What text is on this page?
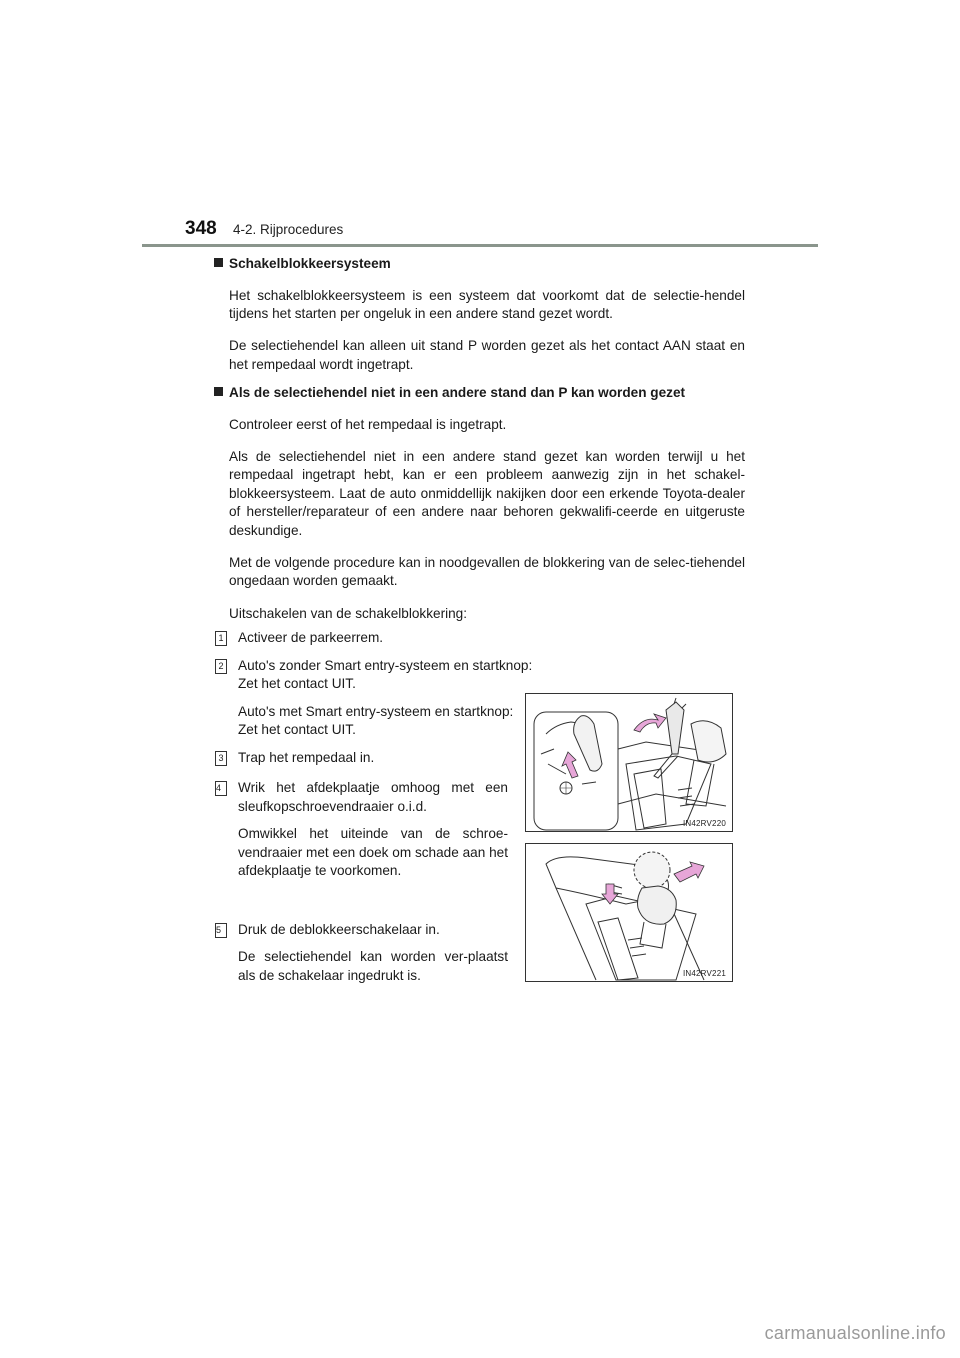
348 4-2. Rijprocedures
Schakelblokkeersysteem

Het schakelblokkeersysteem is een systeem dat voorkomt dat de selectie-hendel tijdens het starten per ongeluk in een andere stand gezet wordt.

De selectiehendel kan alleen uit stand P worden gezet als het contact AAN staat en het rempedaal wordt ingetrapt.

Als de selectiehendel niet in een andere stand dan P kan worden gezet

Controleer eerst of het rempedaal is ingetrapt.

Als de selectiehendel niet in een andere stand gezet kan worden terwijl u het rempedaal ingetrapt hebt, kan er een probleem aanwezig zijn in het schakel-blokkeersysteem. Laat de auto onmiddellijk nakijken door een erkende Toyota-dealer of hersteller/reparateur of een andere naar behoren gekwalifi-ceerde en uitgeruste deskundige.

Met de volgende procedure kan in noodgevallen de blokkering van de selec-tiehendel ongedaan worden gemaakt.

Uitschakelen van de schakelblokkering:

1 Activeer de parkeerrem.

2 Auto's zonder Smart entry-systeem en startknop:
Zet het contact UIT.

Auto's met Smart entry-systeem en startknop:
Zet het contact UIT.

3 Trap het rempedaal in.

4	Wrik het afdekplaatje omhoog met een sleufkopschroevendraaier o.i.d.

Omwikkel het uiteinde van de schroe-vendraaier met een doek om schade aan het afdekplaatje te voorkomen.

5	Druk de deblokkeerschakelaar in.

De selectiehendel kan worden ver-plaatst als de schakelaar ingedrukt is.

IN42RV220
IN42RV221
carmanualsonline.info
